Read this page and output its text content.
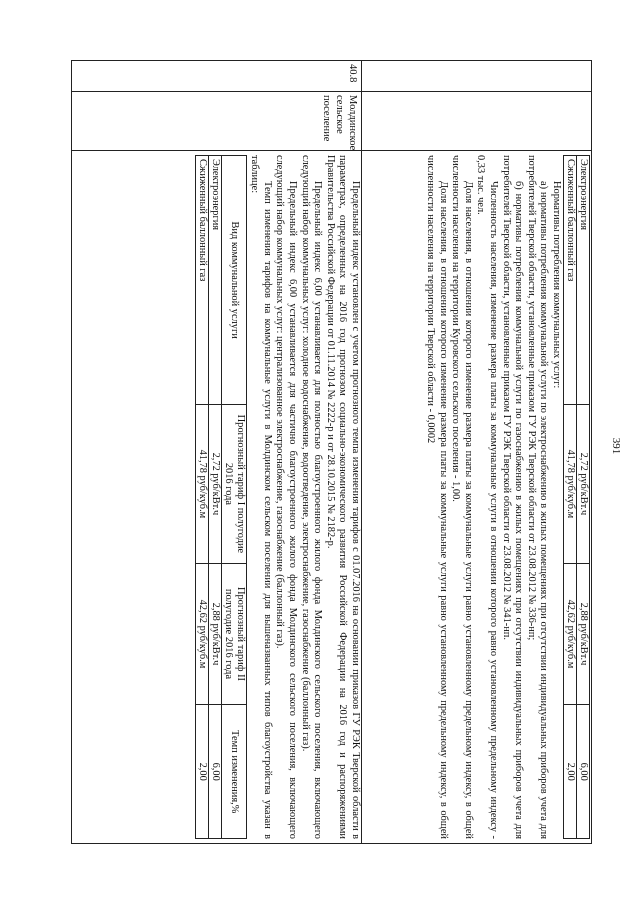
391

Электроэнергия	2,72 руб/кВт.ч	2,88 руб/кВт.ч	6,00
Сжиженный баллонный газ	41,78 руб/куб.м	42,62 руб/куб.м	2,00

Нормативы потребления коммунальных услуг:

а) нормативы потребления коммунальной услуги по электроснабжению в жилых помещениях при отсутствии индивидуальных приборов учета для потребителей Тверской области, установленные приказом ГУ РЭК Тверской области от 23.08.2012 № 336-нп;

б) нормативы потребления коммунальной услуги по газоснабжению в жилых помещениях при отсутствии индивидуальных приборов учета для потребителей Тверской области, установленные приказом ГУ РЭК Тверской области от 23.08.2012 № 341-нп.

Численность населения, изменение размера платы за коммунальные услуги в отношении которого равно установленному предельному индексу - 0,33 тыс. чел.

Доля населения, в отношении которого изменение размера платы за коммунальные услуги равно установленному предельному индексу, в общей численности населения на территории Куровского сельского поселения - 1,00.

Доля населения, в отношении которого изменение размера платы за коммунальные услуги равно установленному предельному индексу, в общей численности населения на территории Тверской области - 0,0002

40.8

Молдинское сельское поселение

Предельный индекс установлен с учетом прогнозного темпа изменения тарифов с 01.07.2016 на основании приказов ГУ РЭК Тверской области в параметрах, определенных на 2016 год прогнозом социально-экономического развития Российской Федерации на 2016 год и распоряжениями Правительства Российской Федерации от 01.11.2014 № 2222-р и от 28.10.2015 № 2182-р.

Предельный индекс 6,00 устанавливается для полностью благоустроенного жилого фонда Молдинского сельского поселения, включающего следующий набор коммунальных услуг: холодное водоснабжение, водоотведение, электроснабжение, газоснабжение (баллонный газ).

Предельный индекс 6,00 устанавливается для частично благоустроенного жилого фонда Молдинского сельского поселения, включающего следующий набор коммунальных услуг: централизованное электроснабжение, газоснабжение (баллонный газ).

Темп изменения тарифов на коммунальные услуги в Молдинском сельском поселении для вышеназванных типов благоустройства указан в таблице:

Вид коммунальной услуги	Прогнозный тариф I полугодие 2016 года	Прогнозный тариф II полугодие 2016 года	Темп изменения,%
Электроэнергия	2,72 руб/кВт.ч	2,88 руб/кВт.ч	6,00
Сжиженный баллонный газ	41,78 руб/куб.м	42,62 руб/куб.м	2,00
